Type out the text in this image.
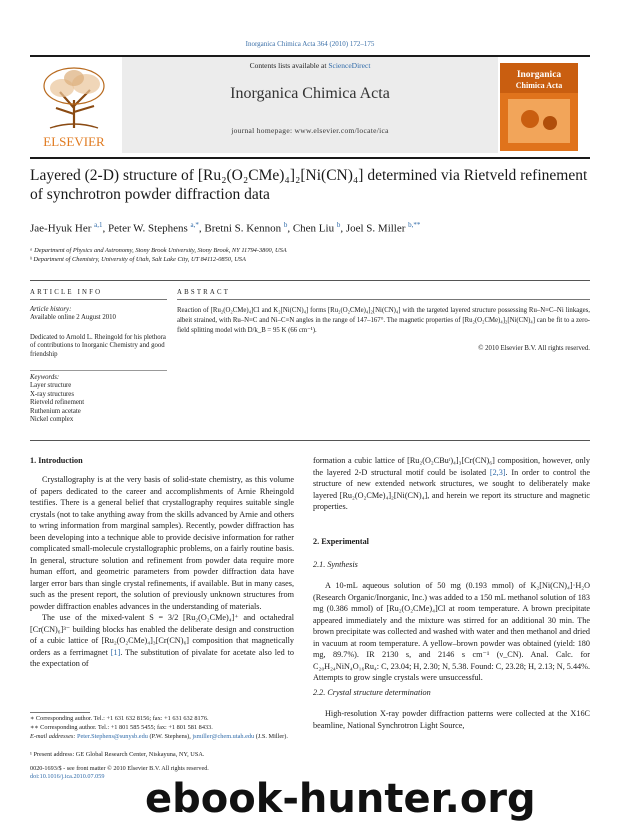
Inorganica Chimica Acta 364 (2010) 172–175
Contents lists available at ScienceDirect
Inorganica Chimica Acta
journal homepage: www.elsevier.com/locate/ica
ELSEVIER
Inorganica
Chimica Acta
Layered (2-D) structure of [Ru₂(O₂CMe)₄]₂[Ni(CN)₄] determined via Rietveld refinement of synchrotron powder diffraction data
Jae-Hyuk Her $^{a,1}$, Peter W. Stephens $^{a,*}$, Bretni S. Kennon $^b$, Chen Liu $^b$, Joel S. Miller $^{b,**}$
ᵃ Department of Physics and Astronomy, Stony Brook University, Stony Brook, NY 11794-3800, USA
ᵇ Department of Chemistry, University of Utah, Salt Lake City, UT 84112-0850, USA
ARTICLE INFO	ABSTRACT
Article history:
Available online 2 August 2010
Dedicated to Arnold L. Rheingold for his plethora of contributions to Inorganic Chemistry and good friendship
Keywords:
Layer structure
X-ray structures
Rietveld refinement
Ruthenium acetate
Nickel complex
Reaction of [Ru₂(O₂CMe)₄]Cl and K₂[Ni(CN)₄] forms [Ru₂(O₂CMe)₄]₂[Ni(CN)₄] with the targeted layered structure possessing Ru–N≡C–Ni linkages, albeit strained, with Ru–N≡C and Ni–C≡N angles in the range of 147–167°. The magnetic properties of [Ru₂(O₂CMe)₄]₂[Ni(CN)₄] can be fit to a zero-field splitting model with D/k_B = 95 K (66 cm⁻¹).
© 2010 Elsevier B.V. All rights reserved.
1. Introduction

Crystallography is at the very basis of solid-state chemistry, as this volume of papers dedicated to the career and accomplishments of Arnie Rheingold testifies. There is a general belief that crystallography requires suitable single crystals (not to take anything away from the skills advanced by Arnie and others to wring information from marginal samples). Recently, powder diffraction has been developing into a technique able to provide decisive information for rather complicated small-molecule crystallographic problems, on a fairly routine basis. In general, structure solution and refinement from powder data require more human effort, and geometric parameters from powder diffraction data have larger error bars than single crystal refinements, if available. But in many cases, such as the present report, the solution of previously unknown structures from powder diffraction enables advances in the understanding of materials.

The use of the mixed-valent S = 3/2 [Ru₂(O₂CMe)₄]⁺ and octahedral [Cr(CN)₆]³⁻ building blocks has enabled the deliberate design and construction of a cubic lattice of [Ru₂(O₂CMe)₄]₃[Cr(CN)₆] composition that magnetically orders as a ferrimagnet [1]. The substitution of pivalate for acetate also led to the expectation of

formation a cubic lattice of [Ru₂(O₂CBuᵗ)₄]₃[Cr(CN)₆] composition, however, only the layered 2-D structural motif could be isolated [2,3]. In order to control the structure of new extended network structures, we sought to deliberately make layered [Ru₂(O₂CMe)₄]₂[Ni(CN)₄], and herein we report its structure and magnetic properties.

2. Experimental
2.1. Synthesis

A 10-mL aqueous solution of 50 mg (0.193 mmol) of K₂[Ni(CN)₄]·H₂O (Research Organic/Inorganic, Inc.) was added to a 150 mL methanol solution of 183 mg (0.386 mmol) of [Ru₂(O₂CMe)₄]Cl at room temperature. A brown precipitate appeared immediately and the mixture was stirred for an additional 30 min. The brown precipitate was collected and washed with water and then methanol and dried in vacuum at room temperature. A yellow–brown powder was obtained (yield: 180 mg, 89.7%). IR 2130 s, and 2146 s cm⁻¹ (ν_CN). Anal. Calc. for C₂₀H₂₄NiN₄O₁₆Ru₄: C, 23.04; H, 2.30; N, 5.38. Found: C, 23.28; H, 2.13; N, 5.44%. Attempts to grow single crystals were unsuccessful.

2.2. Crystal structure determination

High-resolution X-ray powder diffraction patterns were collected at the X16C beamline, National Synchrotron Light Source,

∗ Corresponding author. Tel.: +1 631 632 8156; fax: +1 631 632 8176.
∗∗ Corresponding author. Tel.: +1 801 585 5455; fax: +1 801 581 8433.
E-mail addresses: Peter.Stephens@sunysb.edu (P.W. Stephens), jsmiller@chem.utah.edu (J.S. Miller).
¹ Present address: GE Global Research Center, Niskayuna, NY, USA.
0020-1693/$ - see front matter © 2010 Elsevier B.V. All rights reserved.
doi:10.1016/j.ica.2010.07.059	ebook-hunter.org
